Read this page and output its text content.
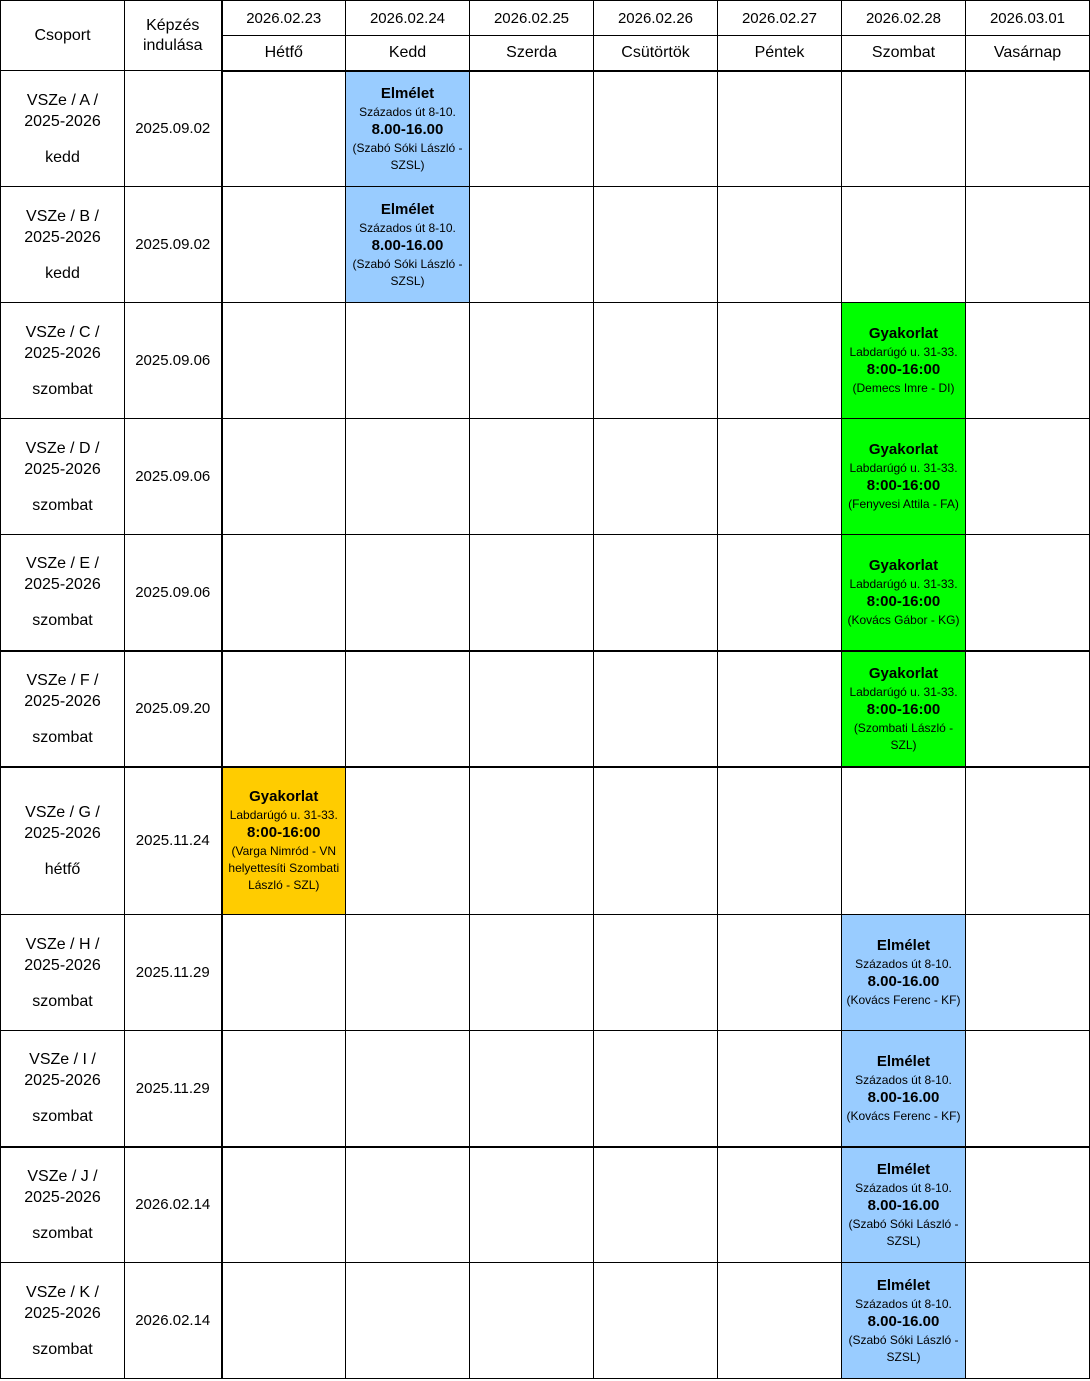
Csoport	Képzés
indulása	2026.02.23	2026.02.24	2026.02.25	2026.02.26	2026.02.27	2026.02.28	2026.03.01
		Hétfő	Kedd	Szerda	Csütörtök	Péntek	Szombat	Vasárnap

VSZe / A /
2025-2026
kedd	2025.09.02		Elmélet
Százados út 8-10.
8.00-16.00
(Szabó Sóki László - SZSL)					

VSZe / B /
2025-2026
kedd	2025.09.02		Elmélet
Százados út 8-10.
8.00-16.00
(Szabó Sóki László - SZSL)					

VSZe / C /
2025-2026
szombat	2025.09.06						Gyakorlat
Labdarúgó u. 31-33.
8:00-16:00
(Demecs Imre - DI)	

VSZe / D /
2025-2026
szombat	2025.09.06						Gyakorlat
Labdarúgó u. 31-33.
8:00-16:00
(Fenyvesi Attila - FA)	

VSZe / E /
2025-2026
szombat	2025.09.06						Gyakorlat
Labdarúgó u. 31-33.
8:00-16:00
(Kovács Gábor - KG)	

VSZe / F /
2025-2026
szombat	2025.09.20						Gyakorlat
Labdarúgó u. 31-33.
8:00-16:00
(Szombati László - SZL)	

VSZe / G /
2025-2026
hétfő	2025.11.24	Gyakorlat
Labdarúgó u. 31-33.
8:00-16:00
(Varga Nimród - VN helyettesíti Szombati László - SZL)						

VSZe / H /
2025-2026
szombat	2025.11.29						Elmélet
Százados út 8-10.
8.00-16.00
(Kovács Ferenc - KF)	

VSZe / I /
2025-2026
szombat	2025.11.29						Elmélet
Százados út 8-10.
8.00-16.00
(Kovács Ferenc - KF)	

VSZe / J /
2025-2026
szombat	2026.02.14						Elmélet
Százados út 8-10.
8.00-16.00
(Szabó Sóki László - SZSL)	

VSZe / K /
2025-2026
szombat	2026.02.14						Elmélet
Százados út 8-10.
8.00-16.00
(Szabó Sóki László - SZSL)	
